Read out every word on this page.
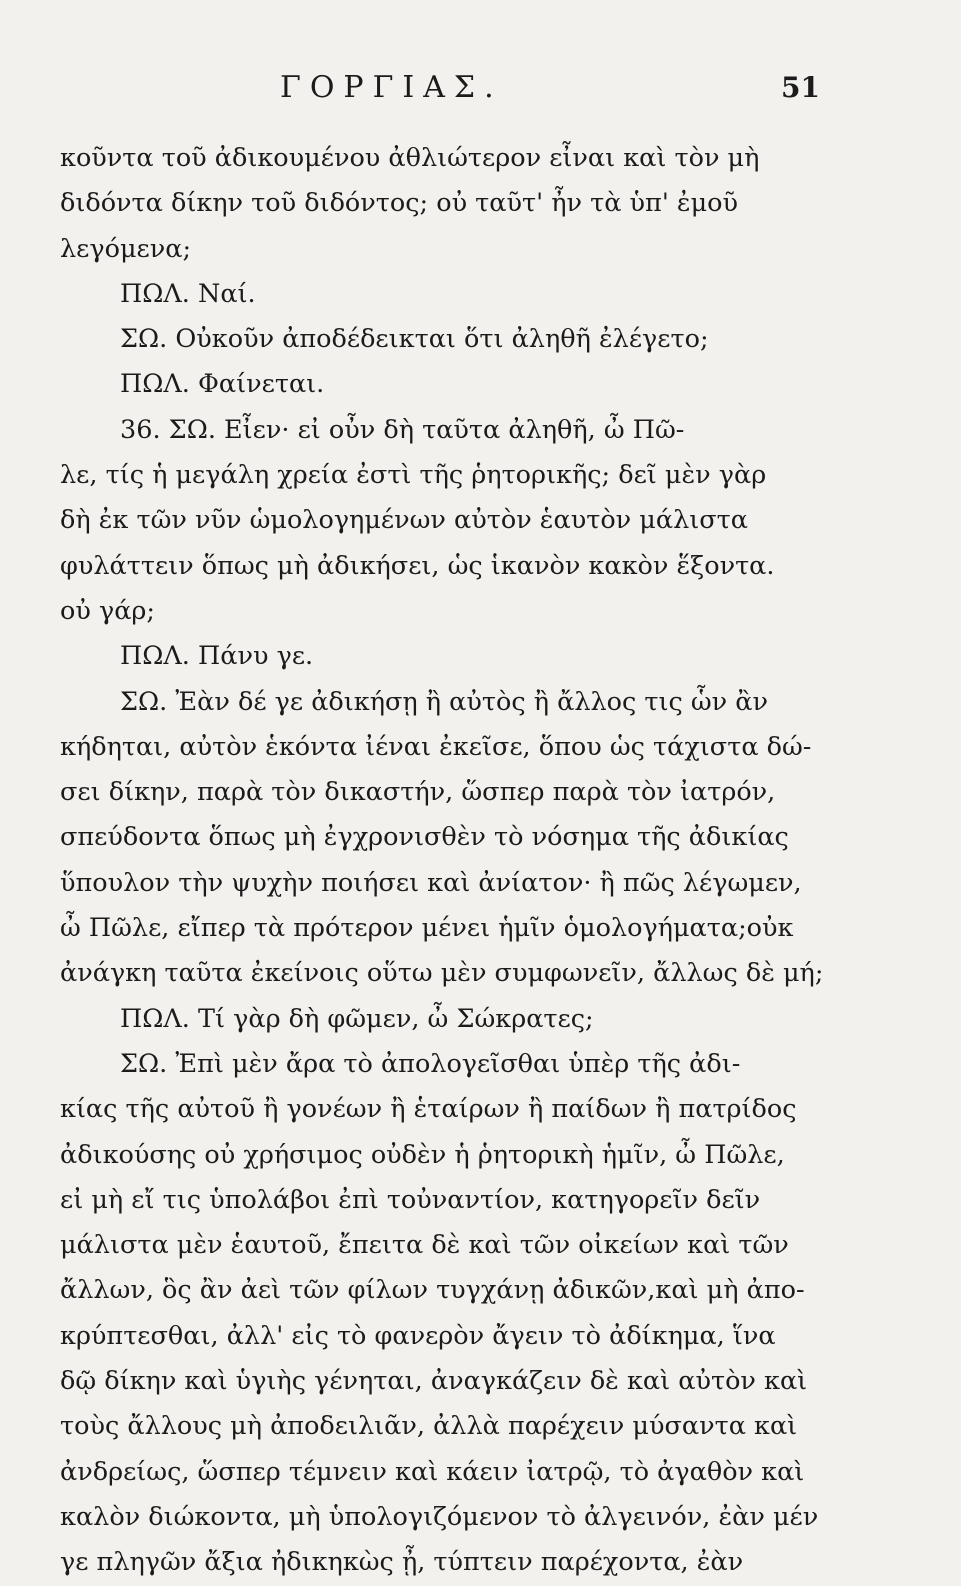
ΓΟΡΓΙΑΣ.	51
κοῦντα τοῦ ἀδικουμένου ἀθλιώτερον εἶναι καὶ τὸν μὴ
διδόντα δίκην τοῦ διδόντος; οὐ ταῦτ' ἦν τὰ ὑπ' ἐμοῦ
λεγόμενα;
ΠΩΛ. Ναί.
ΣΩ. Οὐκοῦν ἀποδέδεικται ὅτι ἀληθῆ ἐλέγετο;
ΠΩΛ. Φαίνεται.
36. ΣΩ. Εἶεν· εἰ οὖν δὴ ταῦτα ἀληθῆ, ὦ Πῶ-
λε, τίς ἡ μεγάλη χρεία ἐστὶ τῆς ῥητορικῆς; δεῖ μὲν γὰρ
δὴ ἐκ τῶν νῦν ὡμολογημένων αὐτὸν ἑαυτὸν μάλιστα
φυλάττειν ὅπως μὴ ἀδικήσει, ὡς ἱκανὸν κακὸν ἕξοντα.
οὐ γάρ;
ΠΩΛ. Πάνυ γε.
ΣΩ. Ἐὰν δέ γε ἀδικήσῃ ἢ αὐτὸς ἢ ἄλλος τις ὧν ἂν
κήδηται, αὐτὸν ἑκόντα ἰέναι ἐκεῖσε, ὅπου ὡς τάχιστα δώ-
σει δίκην, παρὰ τὸν δικαστήν, ὥσπερ παρὰ τὸν ἰατρόν,
σπεύδοντα ὅπως μὴ ἐγχρονισθὲν τὸ νόσημα τῆς ἀδικίας
ὕπουλον τὴν ψυχὴν ποιήσει καὶ ἀνίατον· ἢ πῶς λέγωμεν,
ὦ Πῶλε, εἴπερ τὰ πρότερον μένει ἡμῖν ὁμολογήματα;οὐκ
ἀνάγκη ταῦτα ἐκείνοις οὕτω μὲν συμφωνεῖν, ἄλλως δὲ μή;
ΠΩΛ. Τί γὰρ δὴ φῶμεν, ὦ Σώκρατες;
ΣΩ. Ἐπὶ μὲν ἄρα τὸ ἀπολογεῖσθαι ὑπὲρ τῆς ἀδι-
κίας τῆς αὐτοῦ ἢ γονέων ἢ ἑταίρων ἢ παίδων ἢ πατρίδος
ἀδικούσης οὐ χρήσιμος οὐδὲν ἡ ῥητορικὴ ἡμῖν, ὦ Πῶλε,
εἰ μὴ εἴ τις ὑπολάβοι ἐπὶ τοὐναντίον, κατηγορεῖν δεῖν
μάλιστα μὲν ἑαυτοῦ, ἔπειτα δὲ καὶ τῶν οἰκείων καὶ τῶν
ἄλλων, ὃς ἂν ἀεὶ τῶν φίλων τυγχάνῃ ἀδικῶν,καὶ μὴ ἀπο-
κρύπτεσθαι, ἀλλ' εἰς τὸ φανερὸν ἄγειν τὸ ἀδίκημα, ἵνα
δῷ δίκην καὶ ὑγιὴς γένηται, ἀναγκάζειν δὲ καὶ αὐτὸν καὶ
τοὺς ἄλλους μὴ ἀποδειλιᾶν, ἀλλὰ παρέχειν μύσαντα καὶ
ἀνδρείως, ὥσπερ τέμνειν καὶ κάειν ἰατρῷ, τὸ ἀγαθὸν καὶ
καλὸν διώκοντα, μὴ ὑπολογιζόμενον τὸ ἀλγεινόν, ἐὰν μέν
γε πληγῶν ἄξια ἠδικηκὼς ᾖ, τύπτειν παρέχοντα, ἐὰν
